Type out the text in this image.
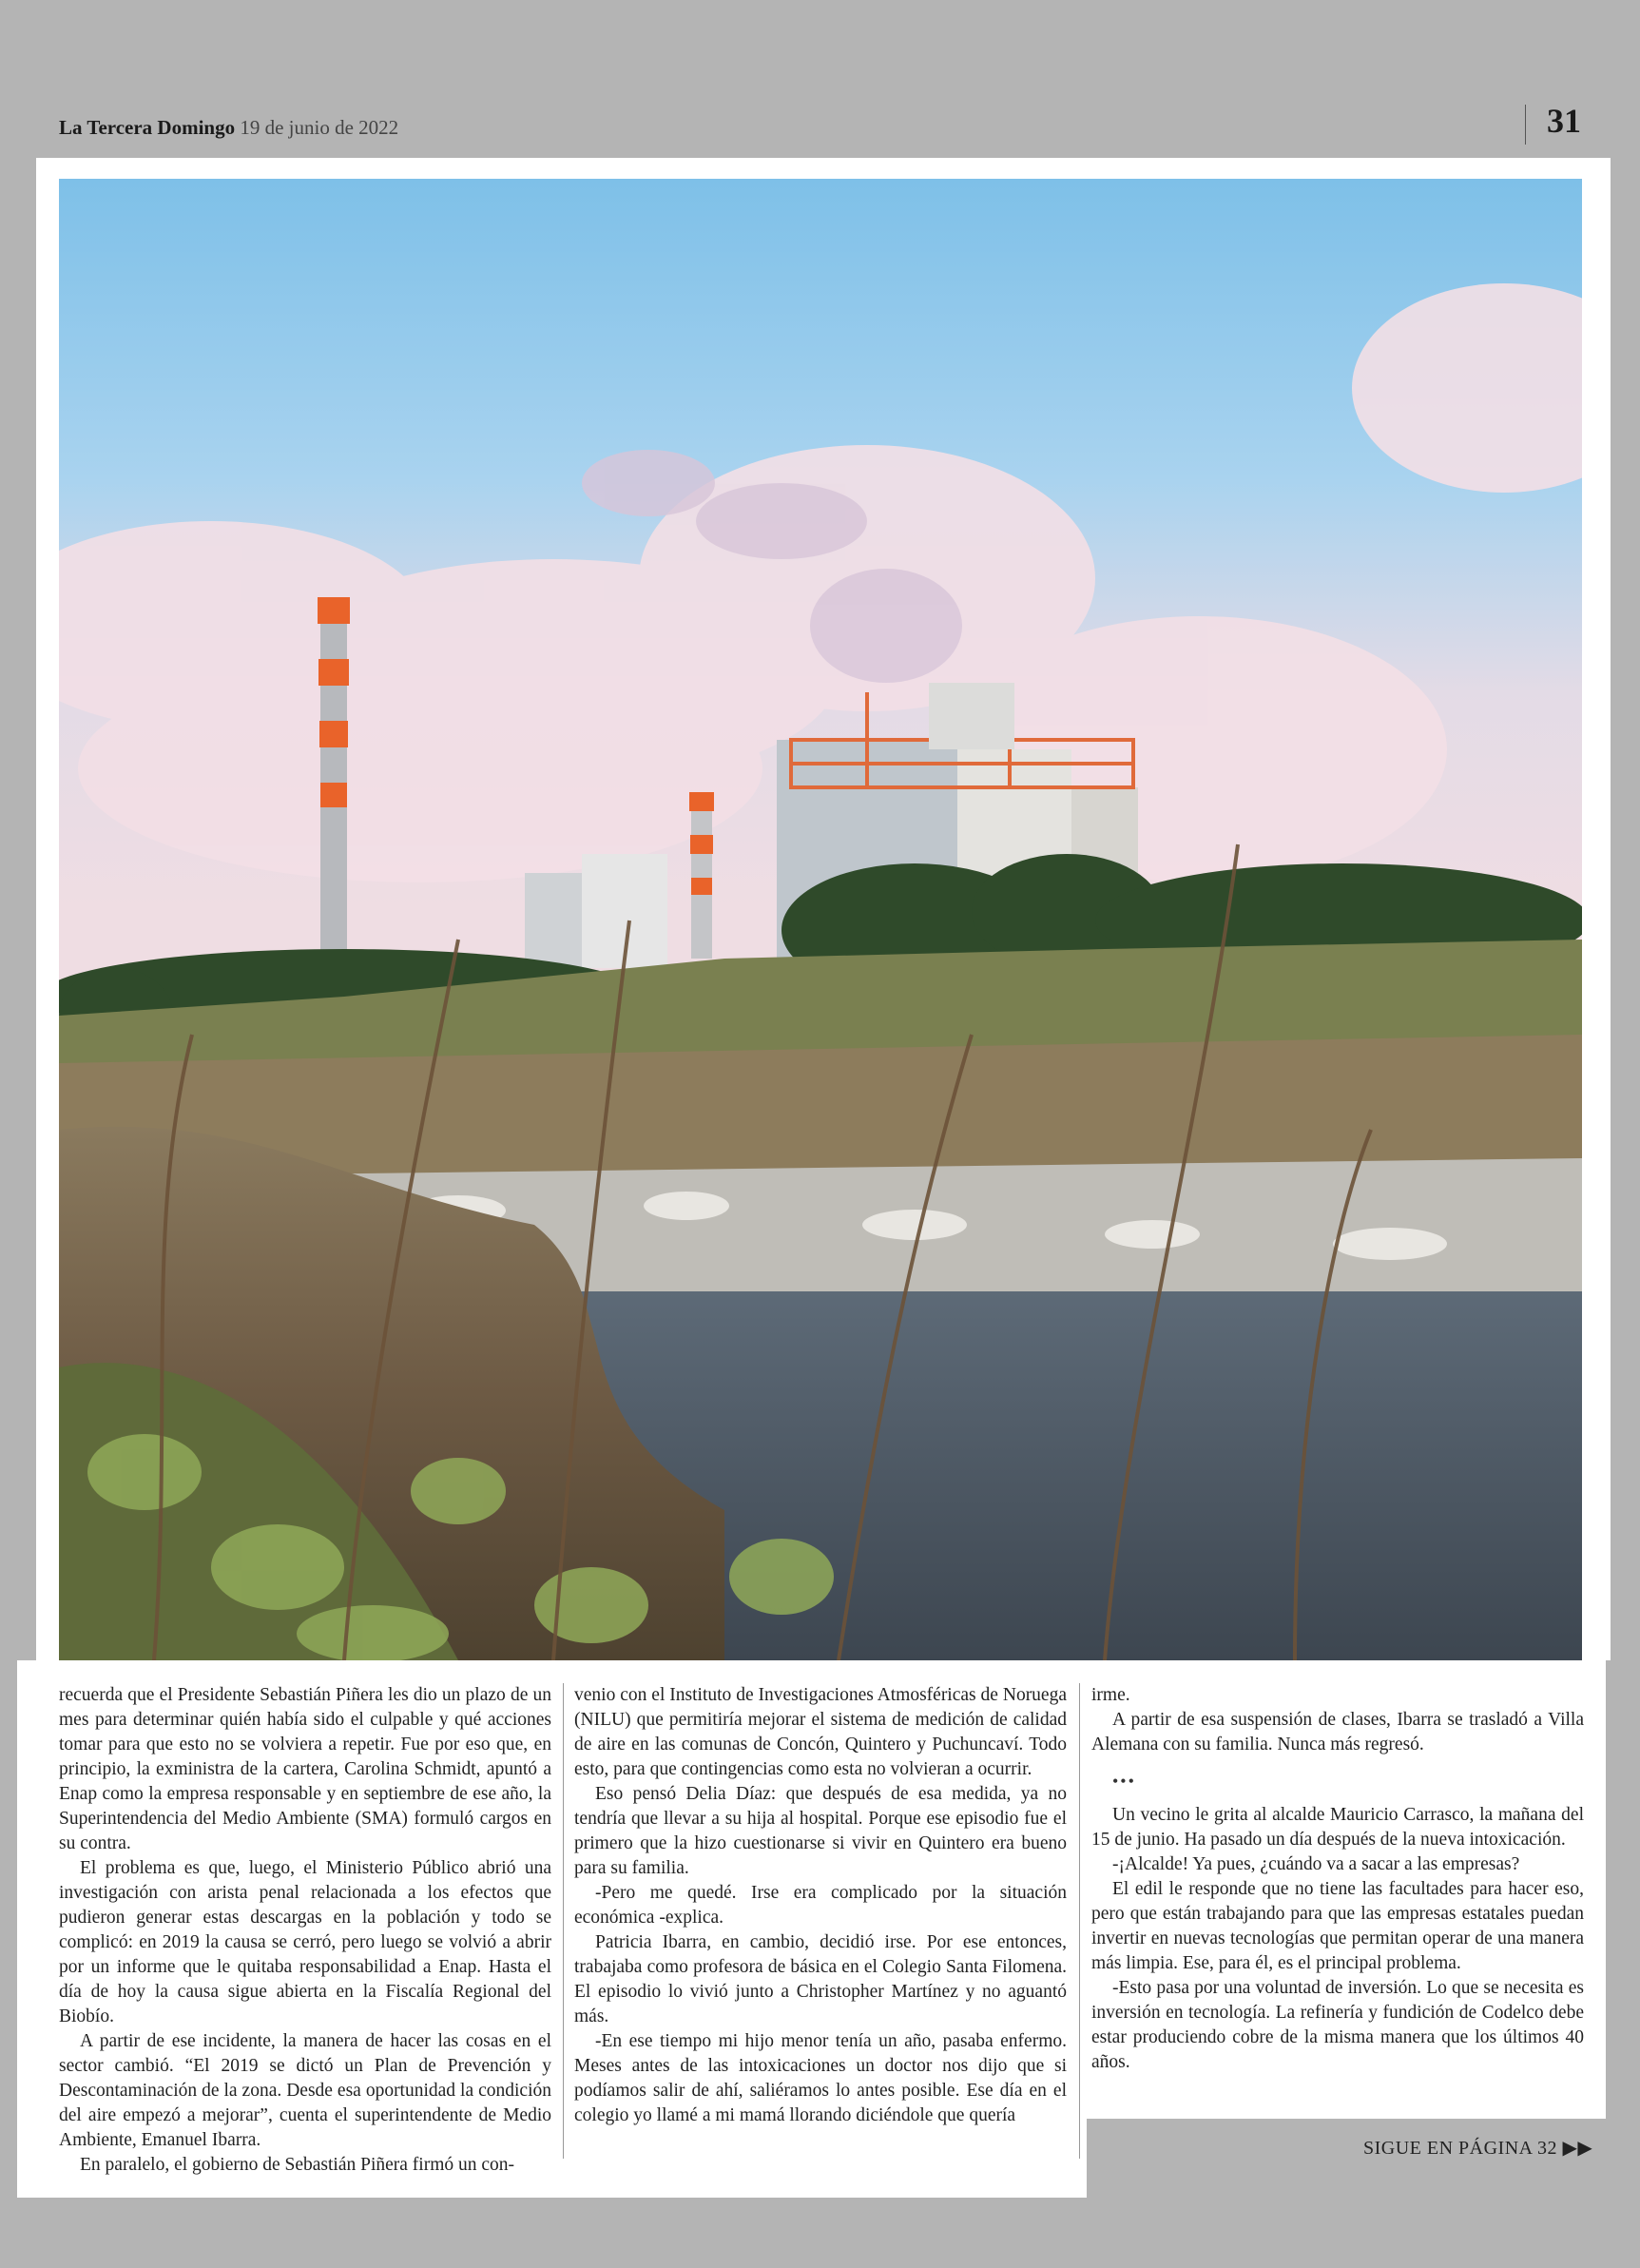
La Tercera Domingo 19 de junio de 2022	31

recuerda que el Presidente Sebastián Piñera les dio un plazo de un mes para determinar quién había sido el culpable y qué acciones tomar para que esto no se volviera a repetir. Fue por eso que, en principio, la exministra de la cartera, Carolina Schmidt, apuntó a Enap como la empresa responsable y en septiembre de ese año, la Superintendencia del Medio Ambiente (SMA) formuló cargos en su contra.

El problema es que, luego, el Ministerio Público abrió una investigación con arista penal relacionada a los efectos que pudieron generar estas descargas en la población y todo se complicó: en 2019 la causa se cerró, pero luego se volvió a abrir por un informe que le quitaba responsabilidad a Enap. Hasta el día de hoy la causa sigue abierta en la Fiscalía Regional del Biobío.

A partir de ese incidente, la manera de hacer las cosas en el sector cambió. “El 2019 se dictó un Plan de Prevención y Descontaminación de la zona. Desde esa oportunidad la condición del aire empezó a mejorar”, cuenta el superintendente de Medio Ambiente, Emanuel Ibarra.

En paralelo, el gobierno de Sebastián Piñera firmó un con-

venio con el Instituto de Investigaciones Atmosféricas de Noruega (NILU) que permitiría mejorar el sistema de medición de calidad de aire en las comunas de Concón, Quintero y Puchuncaví. Todo esto, para que contingencias como esta no volvieran a ocurrir.

Eso pensó Delia Díaz: que después de esa medida, ya no tendría que llevar a su hija al hospital. Porque ese episodio fue el primero que la hizo cuestionarse si vivir en Quintero era bueno para su familia.

-Pero me quedé. Irse era complicado por la situación económica -explica.

Patricia Ibarra, en cambio, decidió irse. Por ese entonces, trabajaba como profesora de básica en el Colegio Santa Filomena. El episodio lo vivió junto a Christopher Martínez y no aguantó más.

-En ese tiempo mi hijo menor tenía un año, pasaba enfermo. Meses antes de las intoxicaciones un doctor nos dijo que si podíamos salir de ahí, saliéramos lo antes posible. Ese día en el colegio yo llamé a mi mamá llorando diciéndole que quería

irme.

A partir de esa suspensión de clases, Ibarra se trasladó a Villa Alemana con su familia. Nunca más regresó.

•••

Un vecino le grita al alcalde Mauricio Carrasco, la mañana del 15 de junio. Ha pasado un día después de la nueva intoxicación.

-¡Alcalde! Ya pues, ¿cuándo va a sacar a las empresas?

El edil le responde que no tiene las facultades para hacer eso, pero que están trabajando para que las empresas estatales puedan invertir en nuevas tecnologías que permitan operar de una manera más limpia. Ese, para él, es el principal problema.

-Esto pasa por una voluntad de inversión. Lo que se necesita es inversión en tecnología. La refinería y fundición de Codelco debe estar produciendo cobre de la misma manera que los últimos 40 años.

SIGUE EN PÁGINA 32 ▶▶
